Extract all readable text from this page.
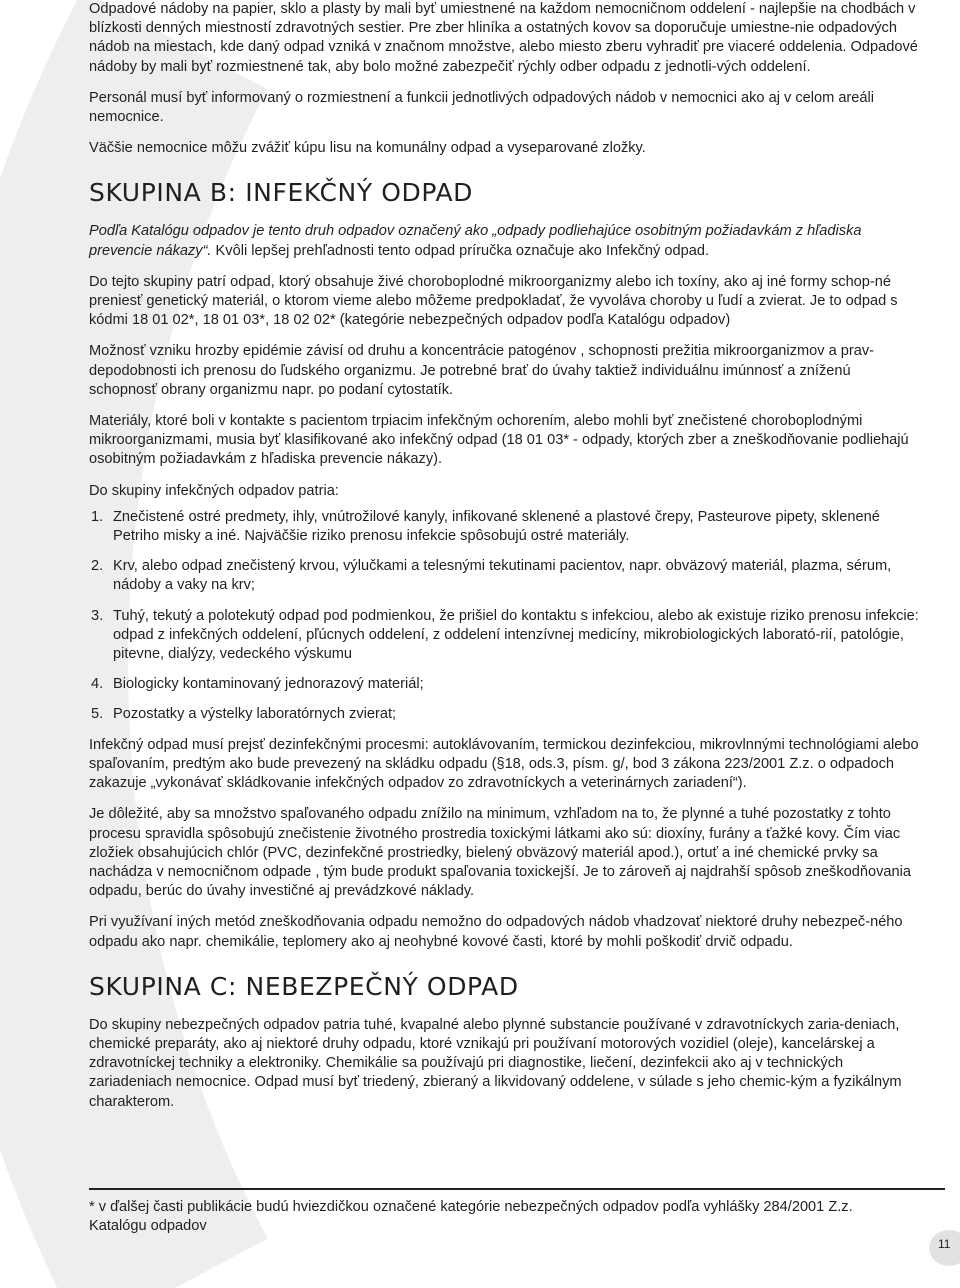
Odpadové nádoby na papier, sklo a plasty by mali byť umiestnené na každom nemocničnom oddelení - najlepšie na chodbách v blízkosti denných miestností zdravotných sestier. Pre zber hliníka a ostatných kovov sa doporučuje umiestne-nie odpadových nádob na miestach, kde daný odpad vzniká v značnom množstve, alebo miesto zberu vyhradiť pre viaceré oddelenia. Odpadové nádoby by mali byť rozmiestnené tak, aby bolo možné zabezpečiť rýchly odber odpadu z jednotli-vých oddelení.

Personál musí byť informovaný o rozmiestnení a funkcii jednotlivých odpadových nádob v nemocnici ako aj v celom areáli nemocnice.

Väčšie nemocnice môžu zvážiť kúpu lisu na komunálny odpad a vyseparované zložky.

SKUPINA B: INFEKČNÝ ODPAD

Podľa Katalógu odpadov je tento druh odpadov označený ako „odpady podliehajúce osobitným požiadavkám z hľadiska prevencie nákazy“. Kvôli lepšej prehľadnosti tento odpad príručka označuje ako Infekčný odpad.

Do tejto skupiny patrí odpad, ktorý obsahuje živé choroboplodné mikroorganizmy alebo ich toxíny, ako aj iné formy schop-né preniesť genetický materiál, o ktorom vieme alebo môžeme predpokladať, že vyvoláva choroby u ľudí a zvierat. Je to odpad s kódmi 18 01 02*, 18 01 03*, 18 02 02* (kategórie nebezpečných odpadov podľa Katalógu odpadov)

Možnosť vzniku hrozby epidémie závisí od druhu a koncentrácie patogénov , schopnosti prežitia mikroorganizmov a prav-depodobnosti ich prenosu do ľudského organizmu. Je potrebné brať do úvahy taktiež individuálnu imúnnosť a zníženú schopnosť obrany organizmu napr. po podaní cytostatík.

Materiály, ktoré boli v kontakte s pacientom trpiacim infekčným ochorením, alebo mohli byť znečistené choroboplodnými mikroorganizmami, musia byť klasifikované ako infekčný odpad (18 01 03* - odpady, ktorých zber a zneškodňovanie podliehajú osobitným požiadavkám z hľadiska prevencie nákazy).

Do skupiny infekčných odpadov patria:

1. Znečistené ostré predmety, ihly, vnútrožilové kanyly, infikované sklenené a plastové črepy, Pasteurove pipety, sklenené Petriho misky a iné. Najväčšie riziko prenosu infekcie spôsobujú ostré materiály.
2. Krv, alebo odpad znečistený krvou, výlučkami a telesnými tekutinami pacientov, napr. obväzový materiál, plazma, sérum, nádoby a vaky na krv;
3. Tuhý, tekutý a polotekutý odpad pod podmienkou, že prišiel do kontaktu s infekciou, alebo ak existuje riziko prenosu infekcie: odpad z infekčných oddelení, pľúcnych oddelení, z oddelení intenzívnej medicíny, mikrobiologických laborató-rií, patológie, pitevne, dialýzy, vedeckého výskumu
4. Biologicky kontaminovaný jednorazový materiál;
5. Pozostatky a výstelky laboratórnych zvierat;

Infekčný odpad musí prejsť dezinfekčnými procesmi: autoklávovaním, termickou dezinfekciou, mikrovlnnými technológiami alebo spaľovaním, predtým ako bude prevezený na skládku odpadu (§18, ods.3, písm. g/, bod 3 zákona 223/2001 Z.z. o odpadoch zakazuje „vykonávať skládkovanie infekčných odpadov zo zdravotníckych a veterinárnych zariadení“).

Je dôležité, aby sa množstvo spaľovaného odpadu znížilo na minimum, vzhľadom na to, že plynné a tuhé pozostatky z tohto procesu spravidla spôsobujú znečistenie životného prostredia toxickými látkami ako sú: dioxíny, furány a ťažké kovy. Čím viac zložiek obsahujúcich chlór (PVC, dezinfekčné prostriedky, bielený obväzový materiál apod.), ortuť a iné chemické prvky sa nachádza v nemocničnom odpade , tým bude produkt spaľovania toxickejší. Je to zároveň aj najdrahší spôsob zneškodňovania odpadu, berúc do úvahy investičné aj prevádzkové náklady.

Pri využívaní iných metód zneškodňovania odpadu nemožno do odpadových nádob vhadzovať niektoré druhy nebezpeč-ného odpadu ako napr. chemikálie, teplomery ako aj neohybné kovové časti, ktoré by mohli poškodiť drvič odpadu.

SKUPINA C: NEBEZPEČNÝ ODPAD

Do skupiny nebezpečných odpadov patria tuhé, kvapalné alebo plynné substancie používané v zdravotníckych zaria-deniach, chemické preparáty, ako aj niektoré druhy odpadu, ktoré vznikajú pri používaní motorových vozidiel (oleje), kancelárskej a zdravotníckej techniky a elektroniky. Chemikálie sa používajú pri diagnostike, liečení, dezinfekcii ako aj v technických zariadeniach nemocnice. Odpad musí byť triedený, zbieraný a likvidovaný oddelene, v súlade s jeho chemic-kým a fyzikálnym charakterom.

* v ďalšej časti publikácie budú hviezdičkou označené kategórie nebezpečných odpadov podľa vyhlášky 284/2001 Z.z. Katalógu odpadov

11
